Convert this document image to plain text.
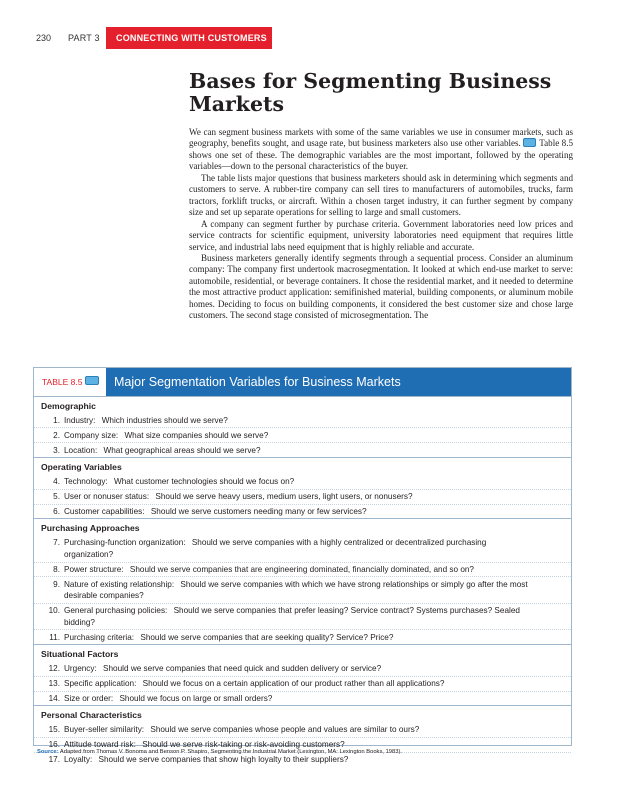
230 PART 3	CONNECTING WITH CUSTOMERS
Bases for Segmenting Business Markets

We can segment business markets with some of the same variables we use in consumer markets, such as geography, benefits sought, and usage rate, but business marketers also use other variables. Table 8.5 shows one set of these. The demographic variables are the most important, followed by the operating variables—down to the personal characteristics of the buyer.

The table lists major questions that business marketers should ask in determining which segments and customers to serve. A rubber-tire company can sell tires to manufacturers of automobiles, trucks, farm tractors, forklift trucks, or aircraft. Within a chosen target industry, it can further segment by company size and set up separate operations for selling to large and small customers.

A company can segment further by purchase criteria. Government laboratories need low prices and service contracts for scientific equipment, university laboratories need equipment that requires little service, and industrial labs need equipment that is highly reliable and accurate.

Business marketers generally identify segments through a sequential process. Consider an aluminum company: The company first undertook macrosegmentation. It looked at which end-use market to serve: automobile, residential, or beverage containers. It chose the residential market, and it needed to determine the most attractive product application: semifinished material, building components, or aluminum mobile homes. Deciding to focus on building components, it considered the best customer size and chose large customers. The second stage consisted of microsegmentation. The

TABLE 8.5	Major Segmentation Variables for Business Markets
Demographic
1. Industry: Which industries should we serve?
2. Company size: What size companies should we serve?
3. Location: What geographical areas should we serve?
Operating Variables
4. Technology: What customer technologies should we focus on?
5. User or nonuser status: Should we serve heavy users, medium users, light users, or nonusers?
6. Customer capabilities: Should we serve customers needing many or few services?
Purchasing Approaches
7. Purchasing-function organization: Should we serve companies with a highly centralized or decentralized purchasing organization?
8. Power structure: Should we serve companies that are engineering dominated, financially dominated, and so on?
9. Nature of existing relationship: Should we serve companies with which we have strong relationships or simply go after the most desirable companies?
10. General purchasing policies: Should we serve companies that prefer leasing? Service contract? Systems purchases? Sealed bidding?
11. Purchasing criteria: Should we serve companies that are seeking quality? Service? Price?
Situational Factors
12. Urgency: Should we serve companies that need quick and sudden delivery or service?
13. Specific application: Should we focus on a certain application of our product rather than all applications?
14. Size or order: Should we focus on large or small orders?
Personal Characteristics
15. Buyer-seller similarity: Should we serve companies whose people and values are similar to ours?
16. Attitude toward risk: Should we serve risk-taking or risk-avoiding customers?
17. Loyalty: Should we serve companies that show high loyalty to their suppliers?
Source: Adapted from Thomas V. Bonoma and Benson P. Shapiro, Segmenting the Industrial Market (Lexington, MA: Lexington Books, 1983).
